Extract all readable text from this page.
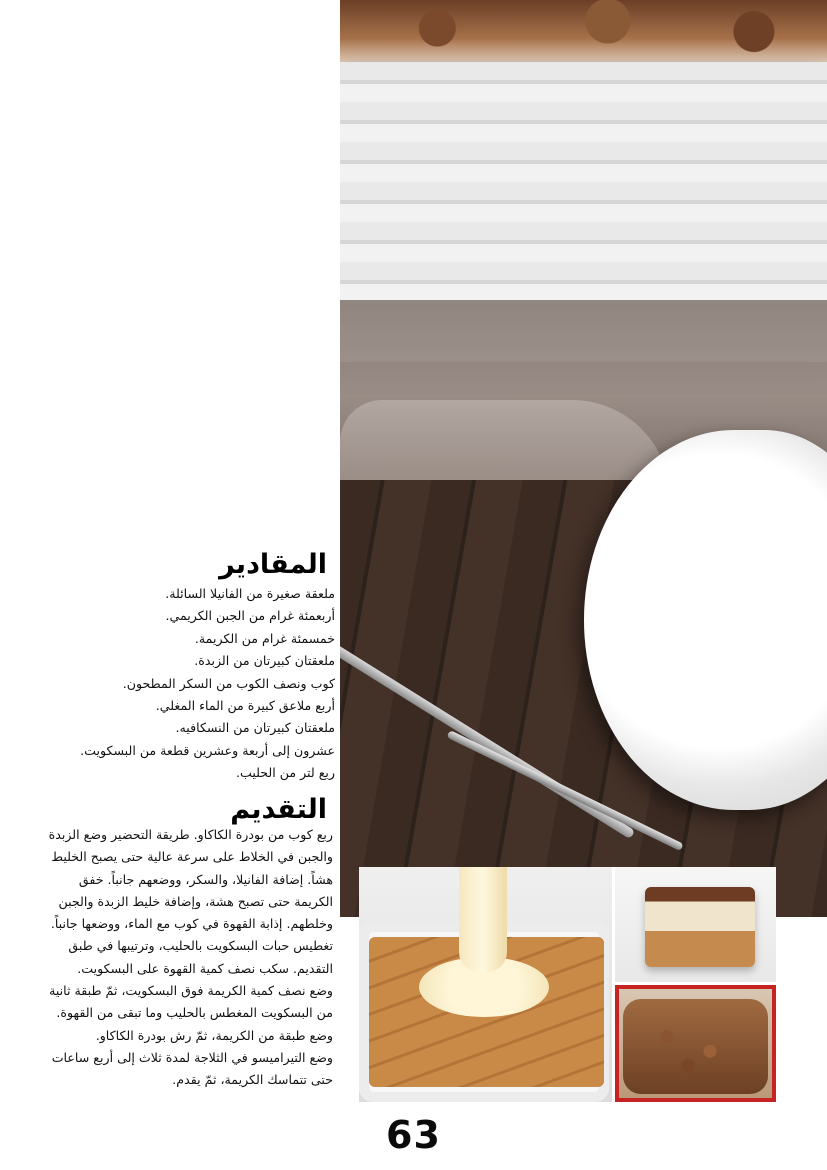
المقادير
ملعقة صغيرة من الفانيلا السائلة.
أربعمئة غرام من الجبن الكريمي.
خمسمئة غرام من الكريمة.
ملعقتان كبيرتان من الزبدة.
كوب ونصف الكوب من السكر المطحون.
أربع ملاعق كبيرة من الماء المغلي.
ملعقتان كبيرتان من النسكافيه.
عشرون إلى أربعة وعشرين قطعة من البسكويت.
ربع لتر من الحليب.
التقديم
ربع كوب من بودرة الكاكاو. طريقة التحضير وضع الزبدة
والجبن في الخلاط على سرعة عالية حتى يصبح الخليط
هشاً. إضافة الفانيلا، والسكر، ووضعهم جانباً. خفق
الكريمة حتى تصبح هشة، وإضافة خليط الزبدة والجبن
وخلطهم. إذابة القهوة في كوب مع الماء، ووضعها جانباً.
تغطيس حبات البسكويت بالحليب، وترتيبها في طبق
التقديم. سكب نصف كمية القهوة على البسكويت.
وضع نصف كمية الكريمة فوق البسكويت، ثمّ طبقة ثانية
من البسكويت المغطس بالحليب وما تبقى من القهوة.
وضع طبقة من الكريمة، ثمّ رش بودرة الكاكاو.
وضع التيراميسو في الثلاجة لمدة ثلاث إلى أربع ساعات
حتى تتماسك الكريمة، ثمّ يقدم.
63
